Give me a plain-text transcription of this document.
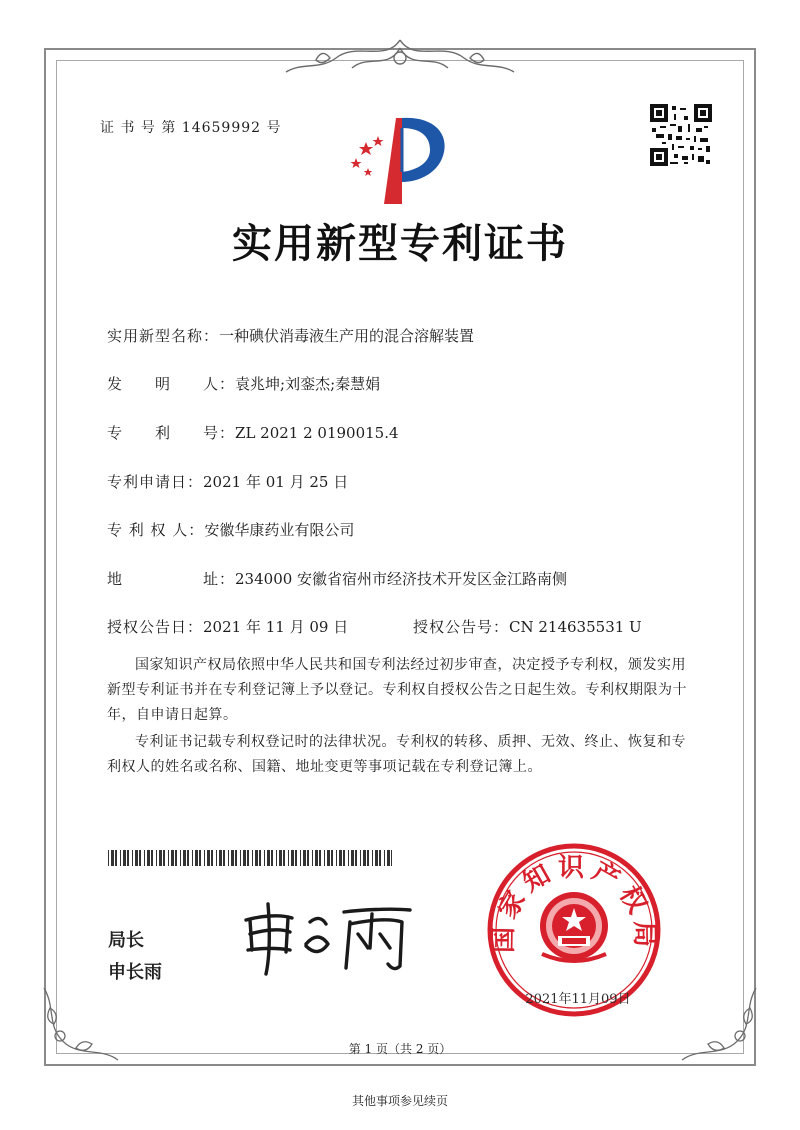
证 书 号 第 14659992 号
实用新型专利证书
实用新型名称：一种碘伏消毒液生产用的混合溶解装置
发　　明　　人：袁兆坤;刘銮杰;秦慧娟
专　　利　　号：ZL 2021 2 0190015.4
专利申请日：2021 年 01 月 25 日
专 利 权 人：安徽华康药业有限公司
地　　　　　址：234000 安徽省宿州市经济技术开发区金江路南侧
授权公告日：2021 年 11 月 09 日	授权公告号：CN 214635531 U
国家知识产权局依照中华人民共和国专利法经过初步审查，决定授予专利权，颁发实用新型专利证书并在专利登记簿上予以登记。专利权自授权公告之日起生效。专利权期限为十年，自申请日起算。
专利证书记载专利权登记时的法律状况。专利权的转移、质押、无效、终止、恢复和专利权人的姓名或名称、国籍、地址变更等事项记载在专利登记簿上。
局长
申长雨
国家知识产权局
2021年11月09日
第 1 页（共 2 页）
其他事项参见续页
